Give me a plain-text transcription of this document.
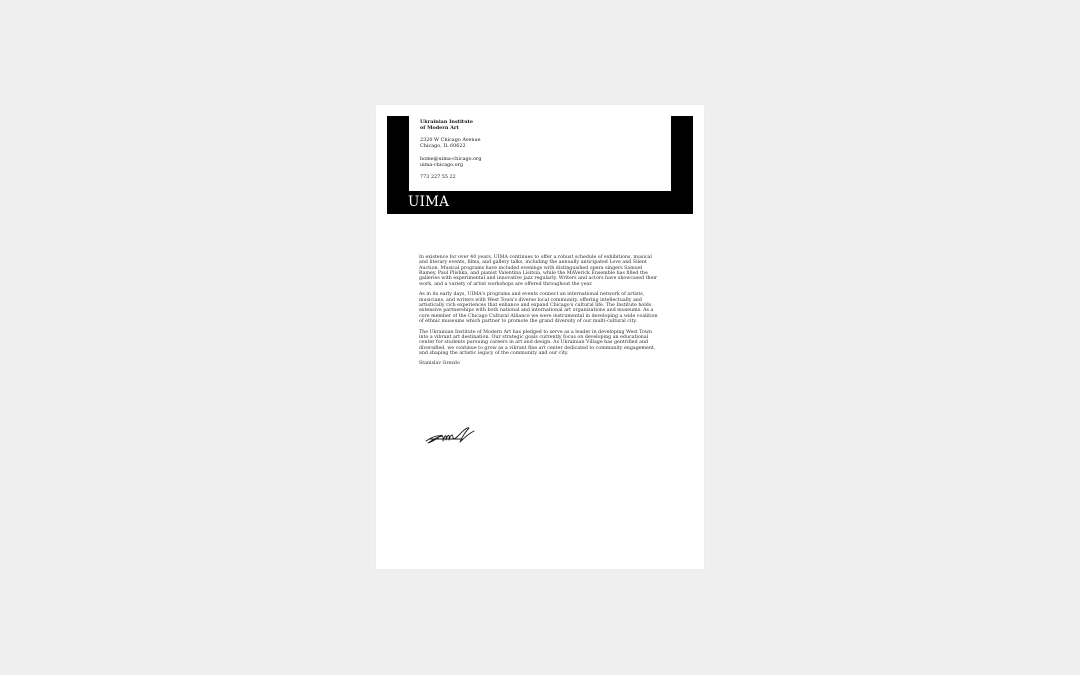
Ukrainian Institute
of Modern Art
2320 W Chicago Avenue
Chicago, IL 60622
home@uima-chicago.org
uima-chicago.org
773 227 55 22
UIMA

In existence for over 40 years, UIMA continues to offer a robust schedule of exhibitions, musical and literary events, films, and gallery talks, including the annually anticipated Love and Silent Auction. Musical programs have included evenings with distinguished opera singers Samuel Ramey, Paul Plishka, and pianist Valentina Lisitsia, while the MAVerick Ensemble has filled the galleries with experimental and innovative jazz regularly. Writers and actors have showcased their work, and a variety of artist workshops are offered throughout the year.

As in its early days, UIMA's programs and events connect an international network of artists, musicians, and writers with West Town's diverse local community, offering intellectually and artistically rich experiences that enhance and expand Chicago's cultural life. The Institute holds extensive partnerships with both national and international art organizations and museums. As a core member of the Chicago Cultural Alliance we were instrumental in developing a wide coalition of ethnic museums which partner to promote the grand diversity of our multi-cultural city.

The Ukrainian Institute of Modern Art has pledged to serve as a leader in developing West Town into a vibrant art destination. Our strategic goals currently focus on developing an educational center for students pursuing careers in art and design. As Ukrainian Village has gentrified and diversified, we continue to grow as a vibrant fine art center dedicated to community engagement, and shaping the artistic legacy of the community and our city.

Stanislav Grezdo
